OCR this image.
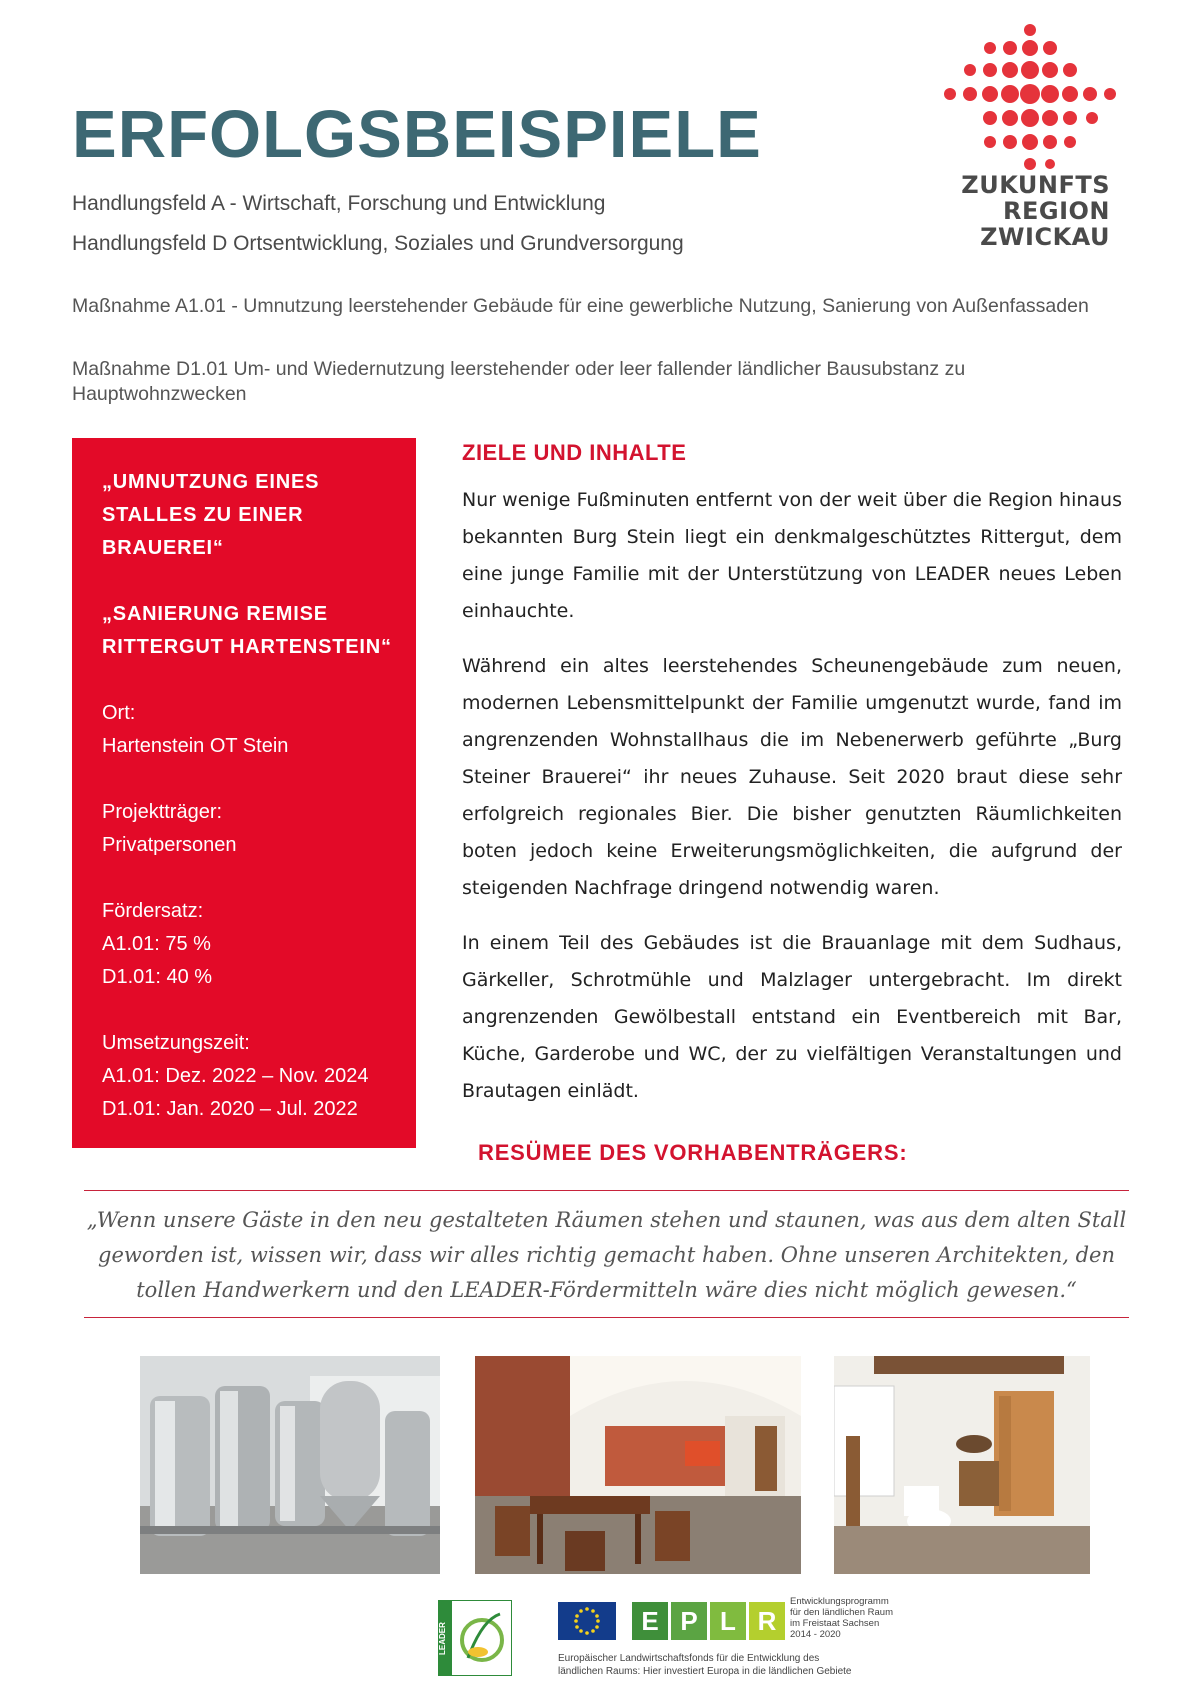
ERFOLGSBEISPIELE

Handlungsfeld A - Wirtschaft, Forschung und Entwicklung

Handlungsfeld D Ortsentwicklung, Soziales und Grundversorgung

Maßnahme A1.01 - Umnutzung leerstehender Gebäude für eine gewerbliche Nutzung, Sanierung von Außenfassaden

Maßnahme D1.01 Um- und Wiedernutzung leerstehender oder leer fallender ländlicher Bausubstanz zu Hauptwohnzwecken

ZUKUNFTS
REGION
ZWICKAU

„UMNUTZUNG EINES STALLES ZU EINER BRAUEREI“

„SANIERUNG REMISE RITTERGUT HARTENSTEIN“

Ort:

Hartenstein OT Stein

Projektträger:

Privatpersonen

Fördersatz:

A1.01: 75 %

D1.01: 40 %

Umsetzungszeit:

A1.01: Dez. 2022 – Nov. 2024

D1.01: Jan. 2020 – Jul. 2022

ZIELE UND INHALTE

Nur wenige Fußminuten entfernt von der weit über die Region hinaus bekannten Burg Stein liegt ein denkmalgeschütztes Rittergut, dem eine junge Familie mit der Unterstützung von LEADER neues Leben einhauchte.

Während ein altes leerstehendes Scheunengebäude zum neuen, modernen Lebensmittelpunkt der Familie umgenutzt wurde, fand im angrenzenden Wohnstallhaus die im Nebenerwerb geführte „Burg Steiner Brauerei“ ihr neues Zuhause. Seit 2020 braut diese sehr erfolgreich regionales Bier. Die bisher genutzten Räumlichkeiten boten jedoch keine Erweiterungsmöglichkeiten, die aufgrund der steigenden Nachfrage dringend notwendig waren.

In einem Teil des Gebäudes ist die Brauanlage mit dem Sudhaus, Gärkeller, Schrotmühle und Malzlager untergebracht. Im direkt angrenzenden Gewölbestall entstand ein Eventbereich mit Bar, Küche, Garderobe und WC, der zu vielfältigen Veranstaltungen und Brautagen einlädt.

RESÜMEE DES VORHABENTRÄGERS:

„Wenn unsere Gäste in den neu gestalteten Räumen stehen und staunen, was aus dem alten Stall geworden ist, wissen wir, dass wir alles richtig gemacht haben. Ohne unseren Architekten, den tollen Handwerkern und den LEADER-Fördermitteln wäre dies nicht möglich gewesen.“

LEADER
E P L R
Entwicklungsprogramm
für den ländlichen Raum
im Freistaat Sachsen
2014 - 2020
Europäischer Landwirtschaftsfonds für die Entwicklung des
ländlichen Raums: Hier investiert Europa in die ländlichen Gebiete
